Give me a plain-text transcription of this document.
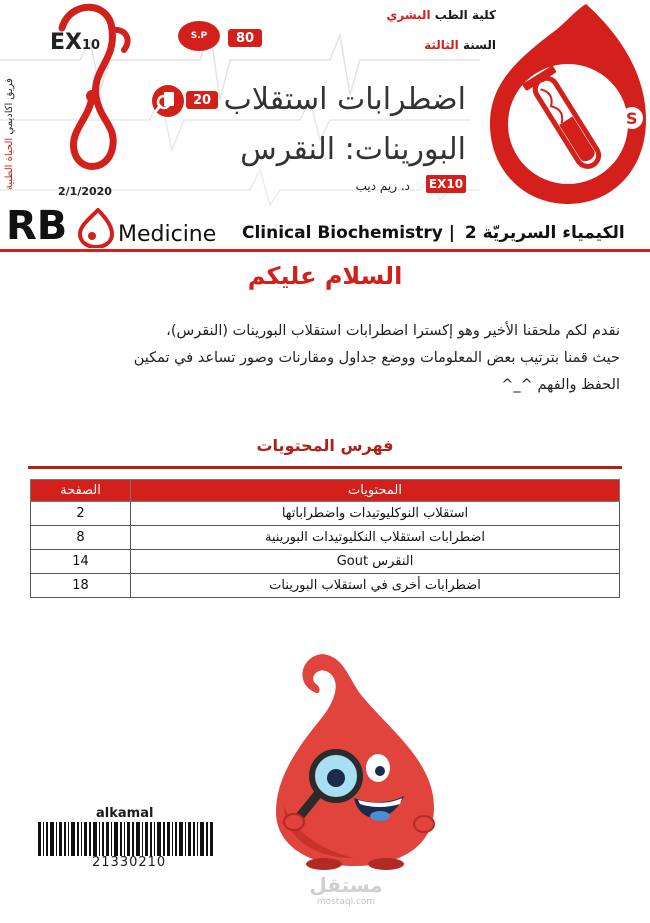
فريق أكاديمي الحياة الطبية
EX10
2/1/2020
S.P	80
20
كلية الطب البشري
السنة الثالثة
اضطرابات استقلاب
البورينات: النقرس
د. ريم ديب EX10
S
RB Medicine Clinical Biochemistry | الكيمياء السريريّة 2
السلام عليكم
نقدم لكم ملحقنا الأخير وهو إكسترا اضطرابات استقلاب البورينات (النقرس)،
حيث قمنا بترتيب بعض المعلومات ووضع جداول ومقارنات وصور تساعد في تمكين
الحفظ والفهم ^_^
فهرس المحتويات
المحتويات	الصفحة
استقلاب النوكليوتيدات واضطراباتها	2
اضطرابات استقلاب النكليوتيدات البورينية	8
النقرس Gout	14
اضطرابات أخرى في استقلاب البورينات	18
alkamal
21330210
مستقل
mostaql.com
